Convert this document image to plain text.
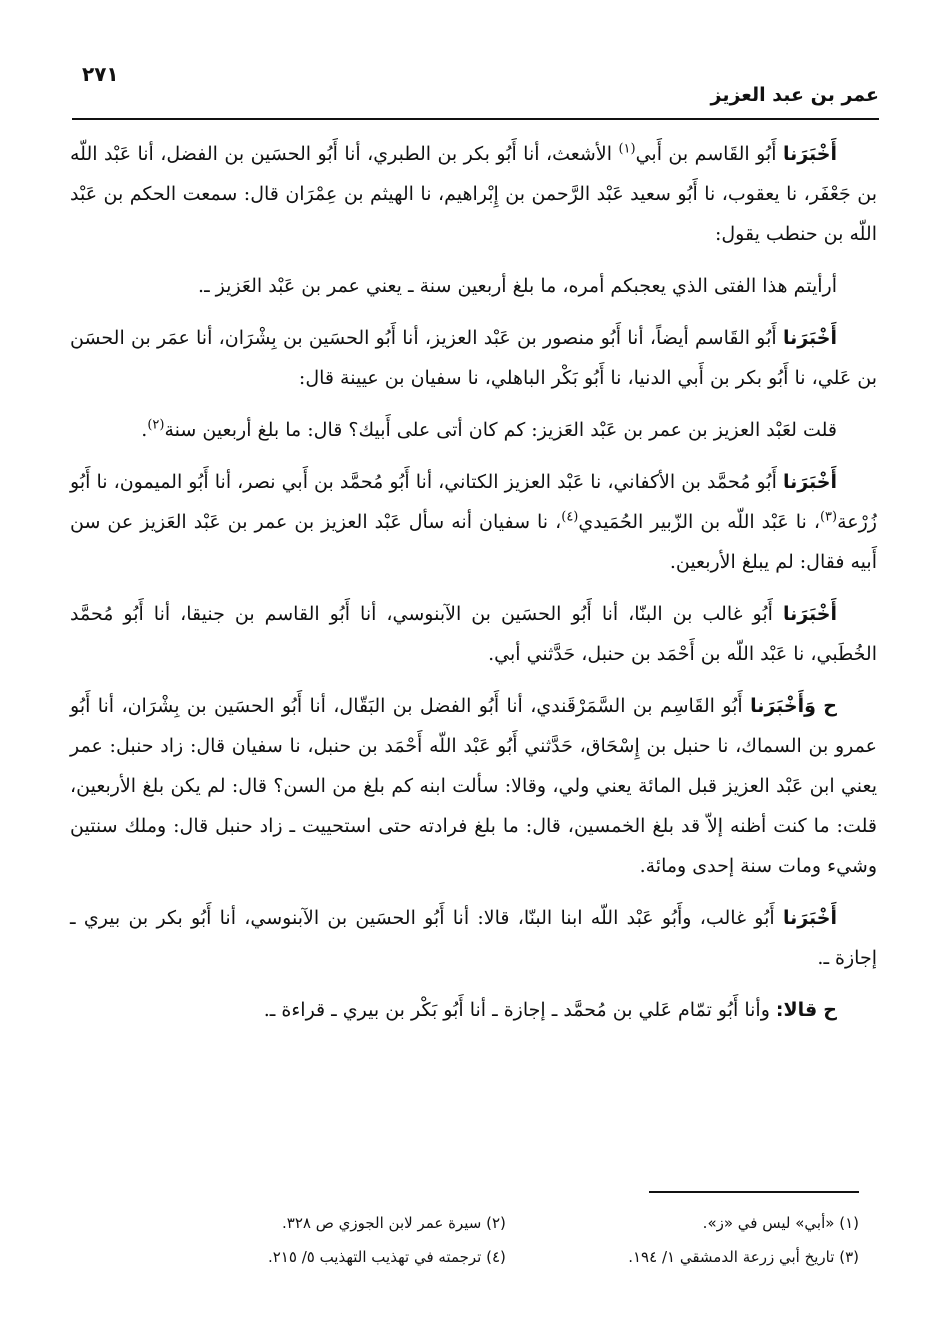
٢٧١
عمر بن عبد العزيز

أَخْبَرَنا أَبُو القَاسم بن أَبي$^{(١)}$ الأشعث، أنا أَبُو بكر بن الطبري، أنا أَبُو الحسَين بن الفضل، أنا عَبْد اللّه بن جَعْفَر، نا يعقوب، نا أَبُو سعيد عَبْد الرَّحمن بن إِبْراهيم، نا الهيثم بن عِمْرَان قال: سمعت الحكم بن عَبْد اللّه بن حنطب يقول:

أرأيتم هذا الفتى الذي يعجبكم أمره، ما بلغ أربعين سنة ـ يعني عمر بن عَبْد العَزيز ـ.

أَخْبَرَنا أَبُو القَاسم أيضاً، أنا أَبُو منصور بن عَبْد العزيز، أنا أَبُو الحسَين بن بِشْرَان، أنا عمَر بن الحسَن بن عَلي، نا أَبُو بكر بن أَبي الدنيا، نا أَبُو بَكْر الباهلي، نا سفيان بن عيينة قال:

قلت لعَبْد العزيز بن عمر بن عَبْد العَزيز: كم كان أتى على أَبيك؟ قال: ما بلغ أربعين سنة$^{(٢)}$.

أَخْبَرَنا أَبُو مُحمَّد بن الأكفاني، نا عَبْد العزيز الكتاني، أنا أَبُو مُحمَّد بن أَبي نصر، أنا أَبُو الميمون، نا أَبُو زُرْعة$^{(٣)}$، نا عَبْد اللّه بن الزّبير الحُمَيدي$^{(٤)}$، نا سفيان أنه سأل عَبْد العزيز بن عمر بن عَبْد العَزيز عن سن أَبيه فقال: لم يبلغ الأربعين.

أَخْبَرَنا أَبُو غالب بن البنّا، أنا أَبُو الحسَين بن الآبنوسي، أنا أَبُو القاسم بن جنيقا، أنا أَبُو مُحمَّد الخُطَبي، نا عَبْد اللّه بن أَحْمَد بن حنبل، حَدَّثني أبي.

ح وَأَخْبَرَنا أَبُو القَاسِم بن السَّمَرْقَندي، أنا أَبُو الفضل بن البَقّال، أنا أَبُو الحسَين بن بِشْرَان، أنا أَبُو عمرو بن السماك، نا حنبل بن إِسْحَاق، حَدَّثني أَبُو عَبْد اللّه أَحْمَد بن حنبل، نا سفيان قال: زاد حنبل: عمر يعني ابن عَبْد العزيز قبل المائة يعني ولي، وقالا: سألت ابنه كم بلغ من السن؟ قال: لم يكن بلغ الأربعين، قلت: ما كنت أظنه إلاّ قد بلغ الخمسين، قال: ما بلغ فرادته حتى استحييت ـ زاد حنبل قال: وملك سنتين وشيء ومات سنة إحدى ومائة.

أَخْبَرَنا أَبُو غالب، وأَبُو عَبْد اللّه ابنا البنّا، قالا: أنا أَبُو الحسَين بن الآبنوسي، أنا أَبُو بكر بن بيري ـ إجازة ـ.

ح قالا: وأنا أَبُو تمّام عَلي بن مُحمَّد ـ إجازة ـ أنا أَبُو بَكْر بن بيري ـ قراءة ـ.

(١) «أبي» ليس في «ز».
(٢) سيرة عمر لابن الجوزي ص ٣٢٨.
(٣) تاريخ أبي زرعة الدمشقي ١/ ١٩٤.
(٤) ترجمته في تهذيب التهذيب ٥/ ٢١٥.
